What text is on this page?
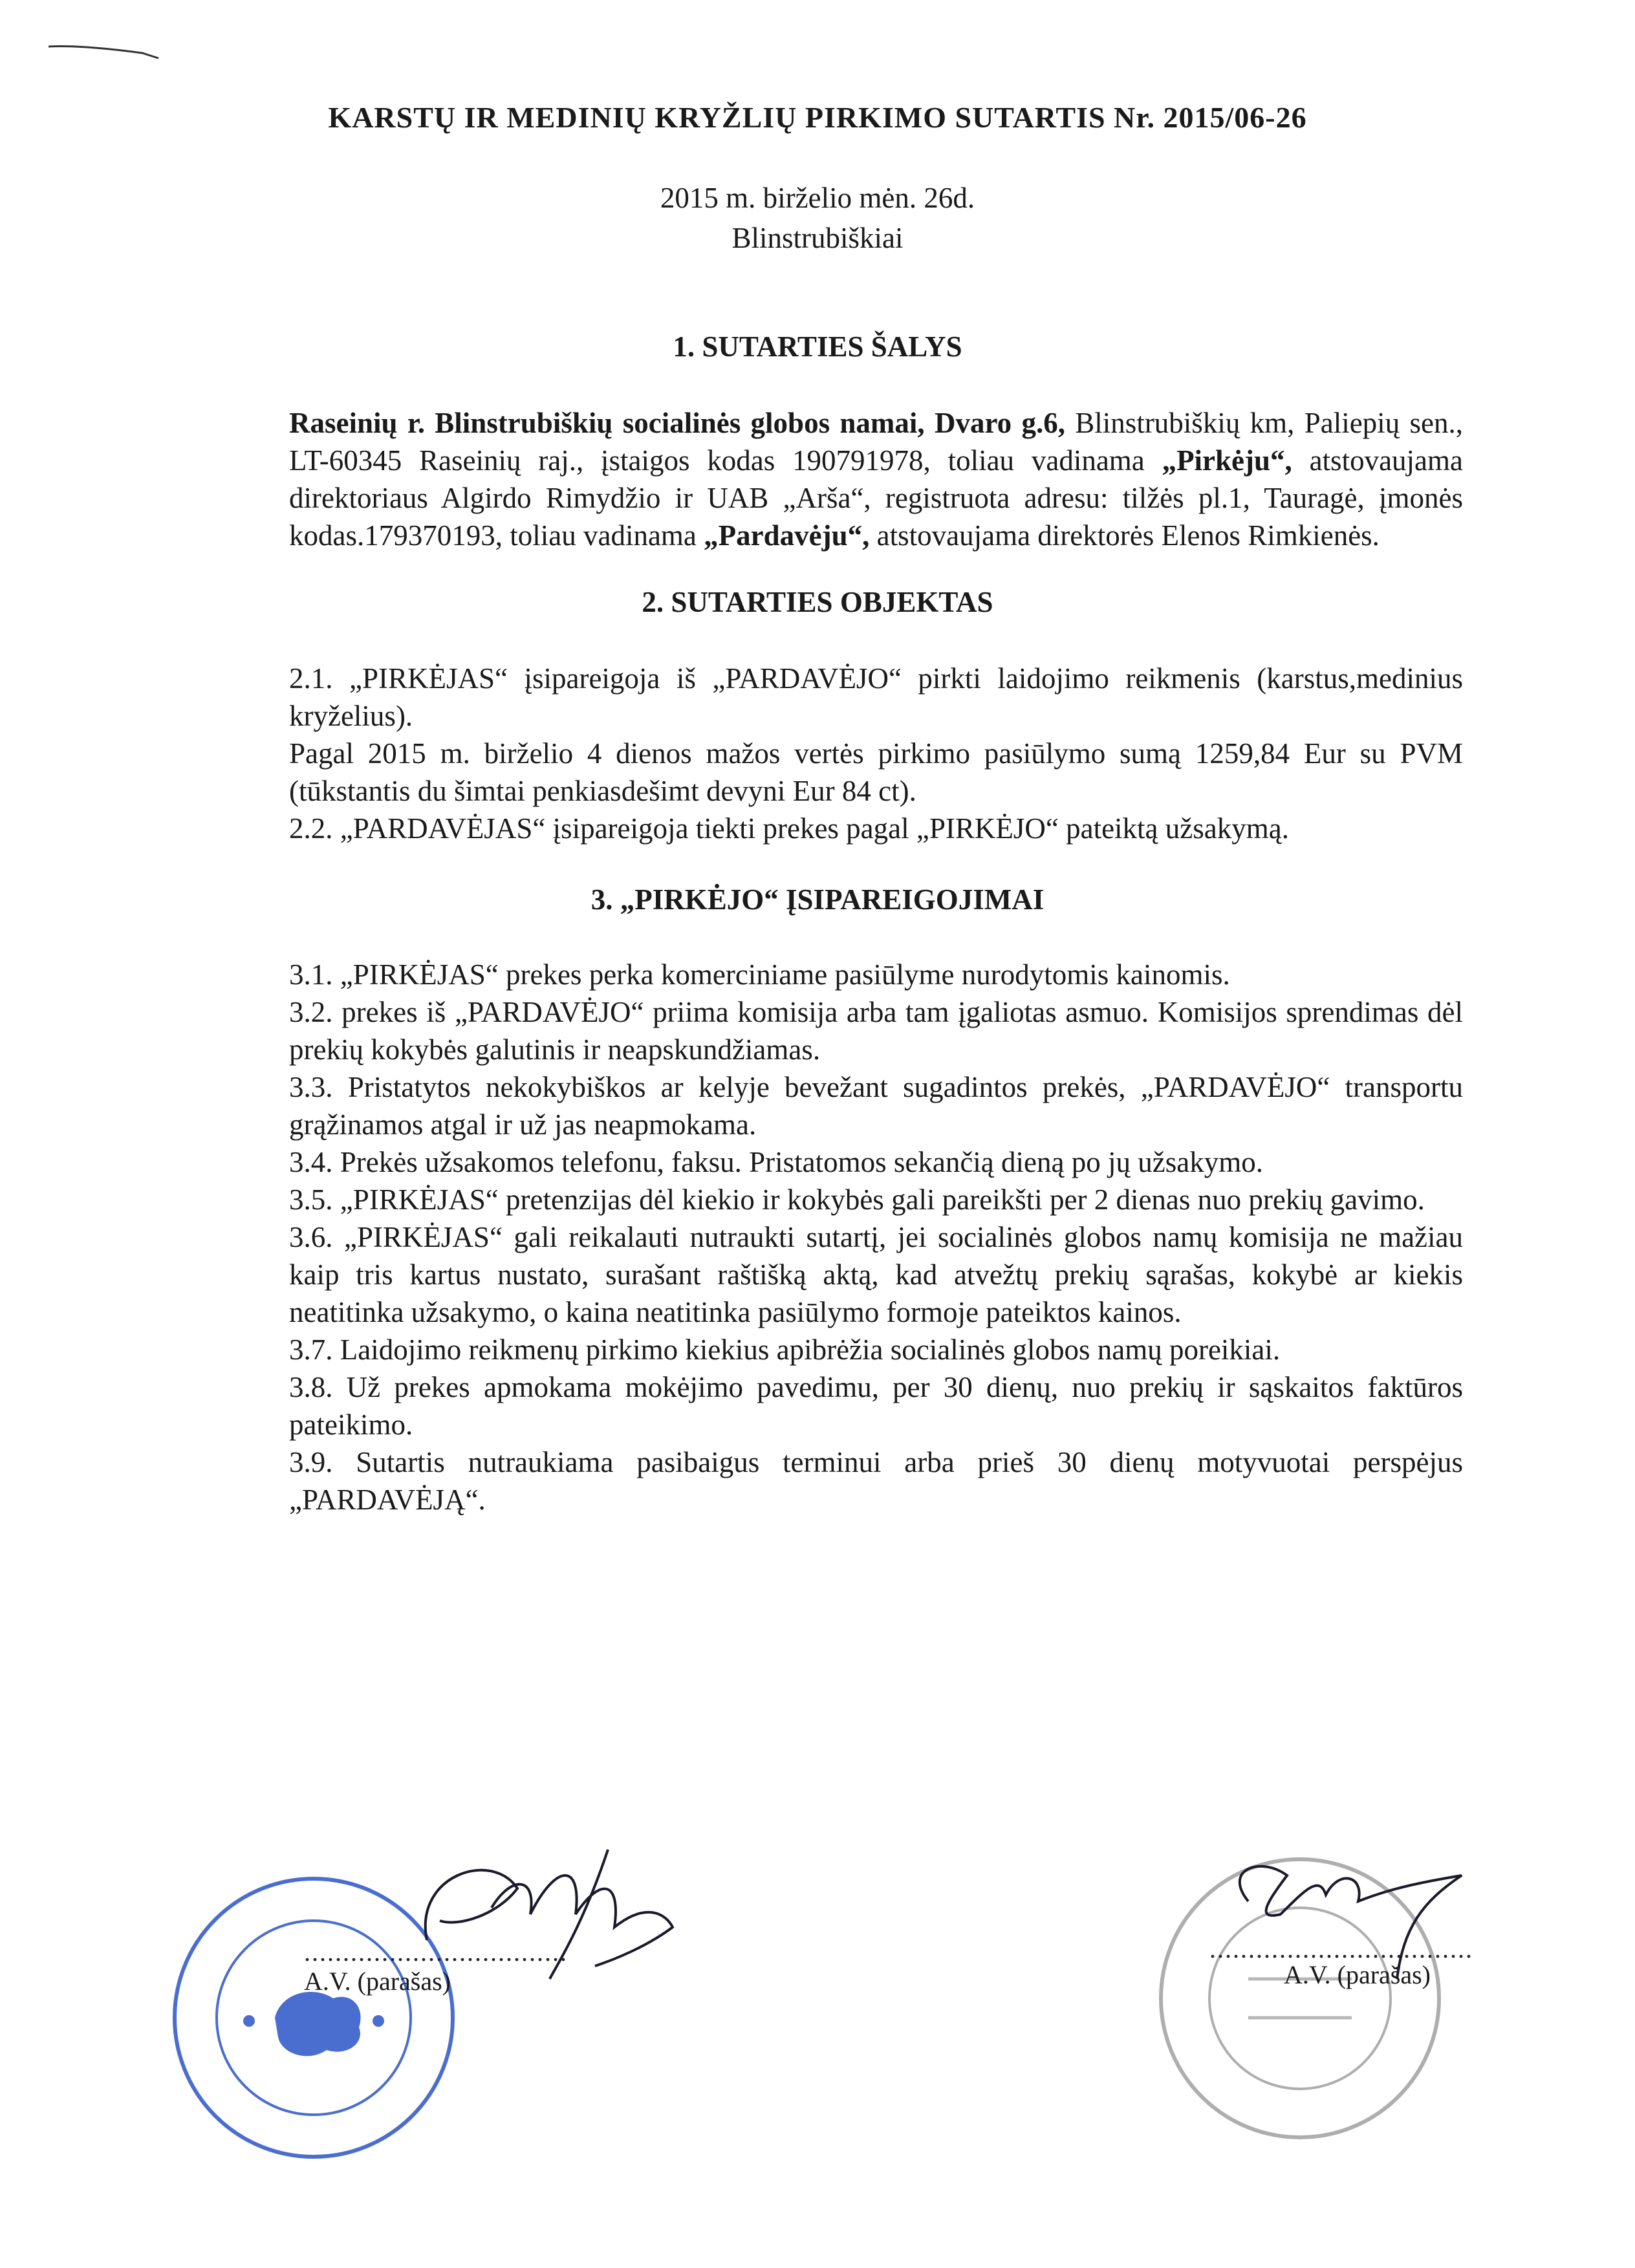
KARSTŲ IR MEDINIŲ KRYŽLIŲ PIRKIMO SUTARTIS Nr. 2015/06-26
2015 m. birželio mėn. 26d.
Blinstrubiškiai
1. SUTARTIES ŠALYS
Raseinių r. Blinstrubiškių socialinės globos namai, Dvaro g.6, Blinstrubiškių km, Paliepių sen., LT-60345 Raseinių raj., įstaigos kodas 190791978, toliau vadinama „Pirkėju“, atstovaujama direktoriaus Algirdo Rimydžio ir UAB „Arša“, registruota adresu: tilžės pl.1, Tauragė, įmonės kodas.179370193, toliau vadinama „Pardavėju“, atstovaujama direktorės Elenos Rimkienės.
2. SUTARTIES OBJEKTAS

2.1. „PIRKĖJAS“ įsipareigoja iš „PARDAVĖJO“ pirkti laidojimo reikmenis (karstus,medinius kryželius).

Pagal 2015 m. birželio 4 dienos mažos vertės pirkimo pasiūlymo sumą 1259,84 Eur su PVM (tūkstantis du šimtai penkiasdešimt devyni Eur 84 ct).

2.2. „PARDAVĖJAS“ įsipareigoja tiekti prekes pagal „PIRKĖJO“ pateiktą užsakymą.

3. „PIRKĖJO“ ĮSIPAREIGOJIMAI

3.1. „PIRKĖJAS“ prekes perka komerciniame pasiūlyme nurodytomis kainomis.

3.2. prekes iš „PARDAVĖJO“ priima komisija arba tam įgaliotas asmuo. Komisijos sprendimas dėl prekių kokybės galutinis ir neapskundžiamas.

3.3. Pristatytos nekokybiškos ar kelyje bevežant sugadintos prekės, „PARDAVĖJO“ transportu grąžinamos atgal ir už jas neapmokama.

3.4. Prekės užsakomos telefonu, faksu. Pristatomos sekančią dieną po jų užsakymo.

3.5. „PIRKĖJAS“ pretenzijas dėl kiekio ir kokybės gali pareikšti per 2 dienas nuo prekių gavimo.

3.6. „PIRKĖJAS“ gali reikalauti nutraukti sutartį, jei socialinės globos namų komisija ne mažiau kaip tris kartus nustato, surašant raštišką aktą, kad atvežtų prekių sąrašas, kokybė ar kiekis neatitinka užsakymo, o kaina neatitinka pasiūlymo formoje pateiktos kainos.

3.7. Laidojimo reikmenų pirkimo kiekius apibrėžia socialinės globos namų poreikiai.

3.8. Už prekes apmokama mokėjimo pavedimu, per 30 dienų, nuo prekių ir sąskaitos faktūros pateikimo.

3.9. Sutartis nutraukiama pasibaigus terminui arba prieš 30 dienų motyvuotai perspėjus „PARDAVĖJĄ“.

..................................
A.V. (parašas)
..................................
A.V. (parašas)
